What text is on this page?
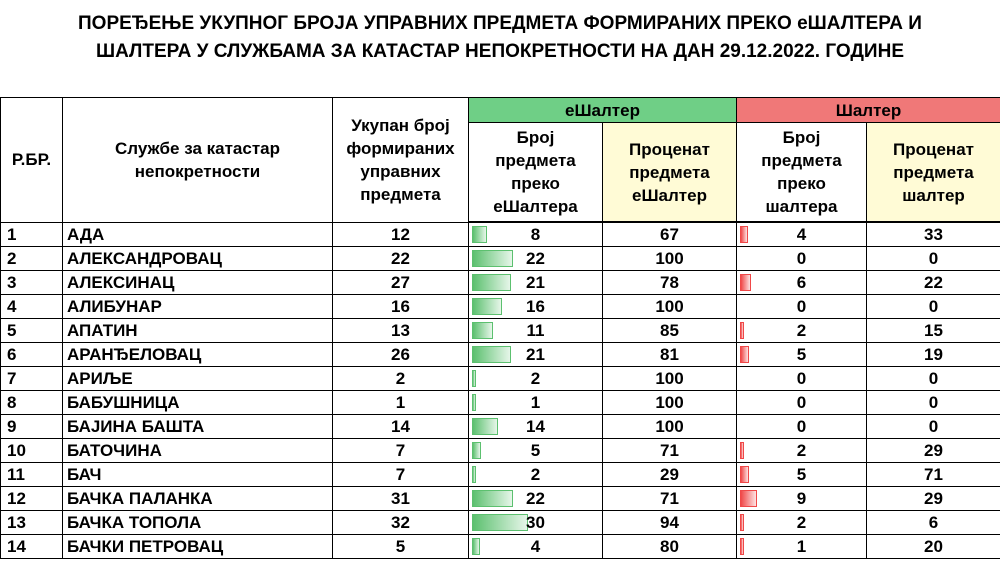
ПОРЕЂЕЊЕ УКУПНОГ БРОЈА УПРАВНИХ ПРЕДМЕТА ФОРМИРАНИХ ПРЕКО еШАЛТЕРА И
ШАЛТЕРА У СЛУЖБАМА ЗА КАТАСТАР НЕПОКРЕТНОСТИ НА ДАН 29.12.2022. ГОДИНЕ
Р.БР.	Службе за катастар непокретности	Укупан број формираних управних предмета	еШалтер		Шалтер	
			Број предмета преко еШалтера	Проценат предмета еШалтер	Број предмета преко шалтера	Проценат предмета шалтер
1	АДА	12	8	67	4	33
2	АЛЕКСАНДРОВАЦ	22	22	100	0	0
3	АЛЕКСИНАЦ	27	21	78	6	22
4	АЛИБУНАР	16	16	100	0	0
5	АПАТИН	13	11	85	2	15
6	АРАНЂЕЛОВАЦ	26	21	81	5	19
7	АРИЉЕ	2	2	100	0	0
8	БАБУШНИЦА	1	1	100	0	0
9	БАЈИНА БАШТА	14	14	100	0	0
10	БАТОЧИНА	7	5	71	2	29
11	БАЧ	7	2	29	5	71
12	БАЧКА ПАЛАНКА	31	22	71	9	29
13	БАЧКА ТОПОЛА	32	30	94	2	6
14	БАЧКИ ПЕТРОВАЦ	5	4	80	1	20
